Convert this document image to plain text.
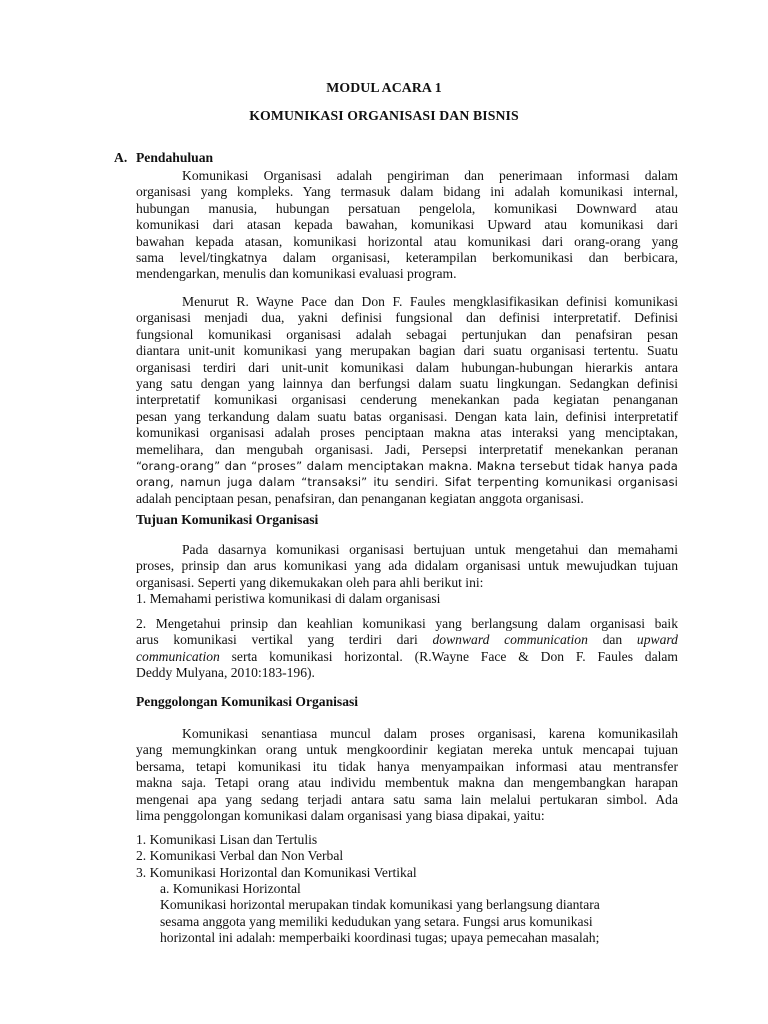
MODUL ACARA 1
KOMUNIKASI ORGANISASI DAN BISNIS
A. Pendahuluan
Komunikasi Organisasi adalah pengiriman dan penerimaan informasi dalam
organisasi yang kompleks. Yang termasuk dalam bidang ini adalah komunikasi internal,
hubungan manusia, hubungan persatuan pengelola, komunikasi Downward atau
komunikasi dari atasan kepada bawahan, komunikasi Upward atau komunikasi dari
bawahan kepada atasan, komunikasi horizontal atau komunikasi dari orang-orang yang
sama level/tingkatnya dalam organisasi, keterampilan berkomunikasi dan berbicara,
mendengarkan, menulis dan komunikasi evaluasi program.
Menurut R. Wayne Pace dan Don F. Faules mengklasifikasikan definisi komunikasi
organisasi menjadi dua, yakni definisi fungsional dan definisi interpretatif. Definisi
fungsional komunikasi organisasi adalah sebagai pertunjukan dan penafsiran pesan
diantara unit-unit komunikasi yang merupakan bagian dari suatu organisasi tertentu. Suatu
organisasi terdiri dari unit-unit komunikasi dalam hubungan-hubungan hierarkis antara
yang satu dengan yang lainnya dan berfungsi dalam suatu lingkungan. Sedangkan definisi
interpretatif komunikasi organisasi cenderung menekankan pada kegiatan penanganan
pesan yang terkandung dalam suatu batas organisasi. Dengan kata lain, definisi interpretatif
komunikasi organisasi adalah proses penciptaan makna atas interaksi yang menciptakan,
memelihara, dan mengubah organisasi. Jadi, Persepsi interpretatif menekankan peranan
“orang-orang” dan “proses” dalam menciptakan makna. Makna tersebut tidak hanya pada
orang, namun juga dalam “transaksi” itu sendiri. Sifat terpenting komunikasi organisasi
adalah penciptaan pesan, penafsiran, dan penanganan kegiatan anggota organisasi.
Tujuan Komunikasi Organisasi
Pada dasarnya komunikasi organisasi bertujuan untuk mengetahui dan memahami
proses, prinsip dan arus komunikasi yang ada didalam organisasi untuk mewujudkan tujuan
organisasi. Seperti yang dikemukakan oleh para ahli berikut ini:
1. Memahami peristiwa komunikasi di dalam organisasi
2. Mengetahui prinsip dan keahlian komunikasi yang berlangsung dalam organisasi baik
arus komunikasi vertikal yang terdiri dari downward communication dan upward
communication serta komunikasi horizontal. (R.Wayne Face & Don F. Faules dalam
Deddy Mulyana, 2010:183-196).
Penggolongan Komunikasi Organisasi
Komunikasi senantiasa muncul dalam proses organisasi, karena komunikasilah
yang memungkinkan orang untuk mengkoordinir kegiatan mereka untuk mencapai tujuan
bersama, tetapi komunikasi itu tidak hanya menyampaikan informasi atau mentransfer
makna saja. Tetapi orang atau individu membentuk makna dan mengembangkan harapan
mengenai apa yang sedang terjadi antara satu sama lain melalui pertukaran simbol. Ada
lima penggolongan komunikasi dalam organisasi yang biasa dipakai, yaitu:
1. Komunikasi Lisan dan Tertulis
2. Komunikasi Verbal dan Non Verbal
3. Komunikasi Horizontal dan Komunikasi Vertikal
a. Komunikasi Horizontal
Komunikasi horizontal merupakan tindak komunikasi yang berlangsung diantara
sesama anggota yang memiliki kedudukan yang setara. Fungsi arus komunikasi
horizontal ini adalah: memperbaiki koordinasi tugas; upaya pemecahan masalah;
